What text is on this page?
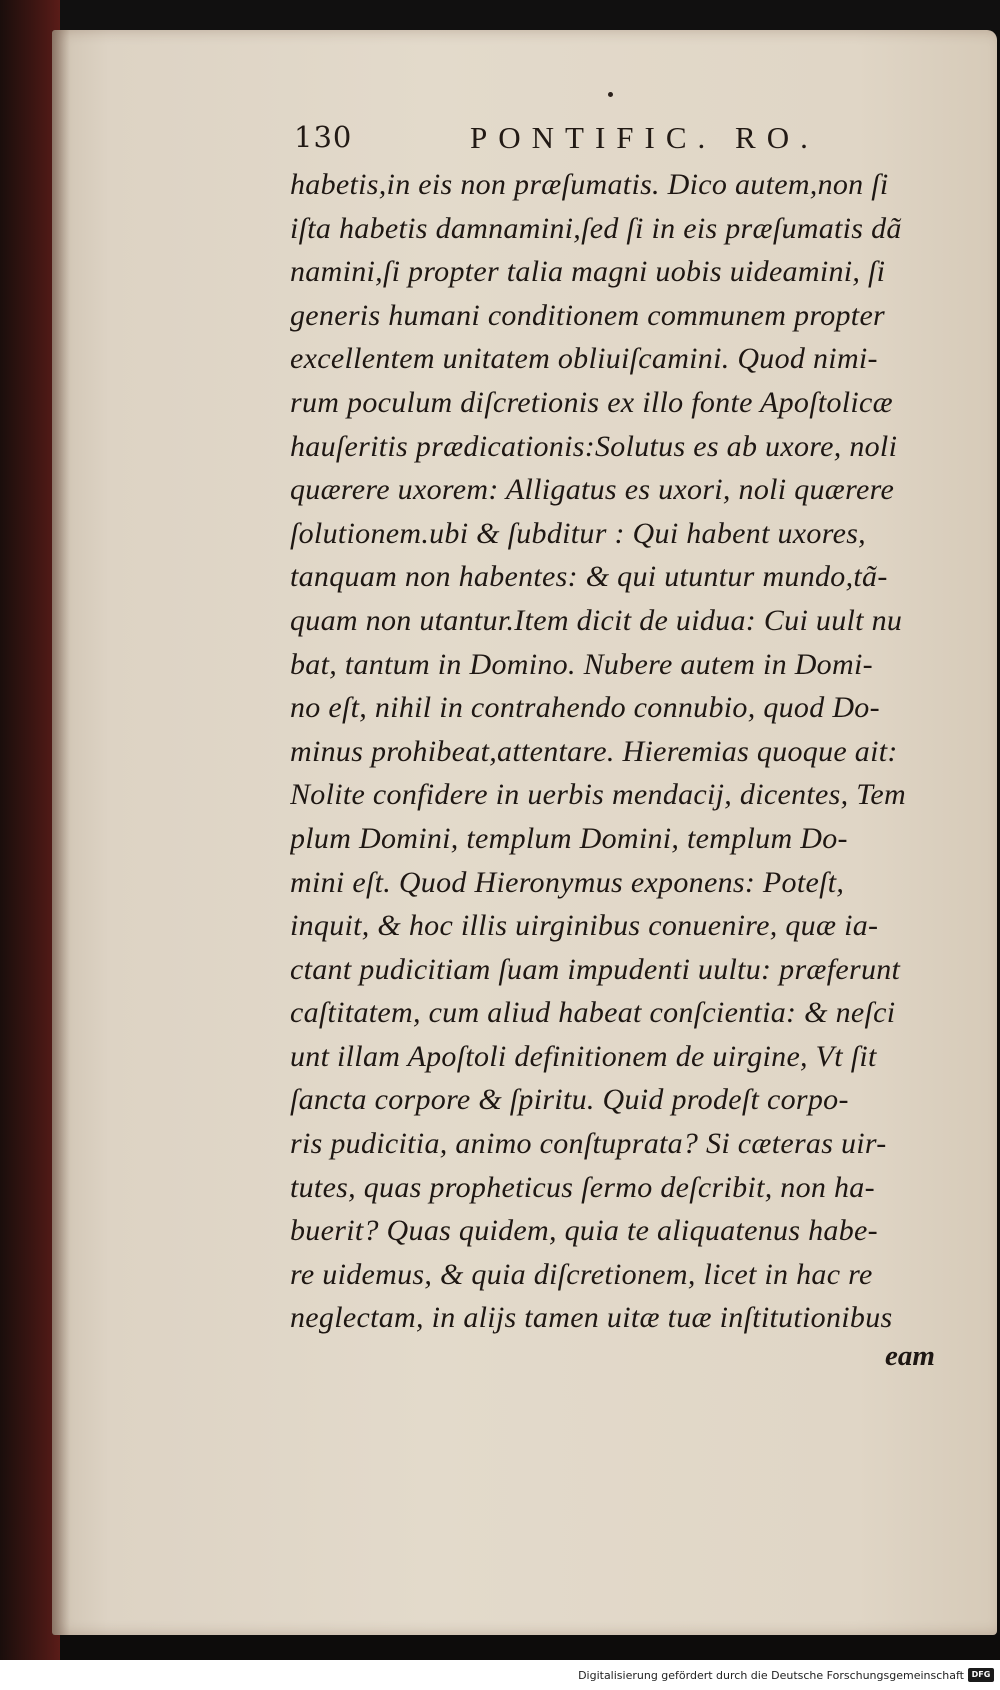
130	PONTIFIC. RO.
habetis,in eis non præſumatis. Dico autem,non ſi
iſta habetis damnamini,ſed ſi in eis præſumatis dã
namini,ſi propter talia magni uobis uideamini, ſi
generis humani conditionem communem propter
excellentem unitatem obliuiſcamini. Quod nimi-
rum poculum diſcretionis ex illo fonte Apoſtolicæ
hauſeritis prædicationis:Solutus es ab uxore, noli
quærere uxorem: Alligatus es uxori, noli quærere
ſolutionem.ubi & ſubditur : Qui habent uxores,
tanquam non habentes: & qui utuntur mundo,tã-
quam non utantur.Item dicit de uidua: Cui uult nu
bat, tantum in Domino. Nubere autem in Domi-
no eſt, nihil in contrahendo connubio, quod Do-
minus prohibeat,attentare. Hieremias quoque ait:
Nolite confidere in uerbis mendacij, dicentes, Tem
plum Domini, templum Domini, templum Do-
mini eſt. Quod Hieronymus exponens: Poteſt,
inquit, & hoc illis uirginibus conuenire, quæ ia-
ctant pudicitiam ſuam impudenti uultu: præferunt
caſtitatem, cum aliud habeat conſcientia: & neſci
unt illam Apoſtoli definitionem de uirgine, Vt ſit
ſancta corpore & ſpiritu. Quid prodeſt corpo-
ris pudicitia, animo conſtuprata? Si cæteras uir-
tutes, quas propheticus ſermo deſcribit, non ha-
buerit? Quas quidem, quia te aliquatenus habe-
re uidemus, & quia diſcretionem, licet in hac re
neglectam, in alijs tamen uitæ tuæ inſtitutionibus
eam
Digitalisierung gefördert durch die Deutsche Forschungsgemeinschaft DFG
